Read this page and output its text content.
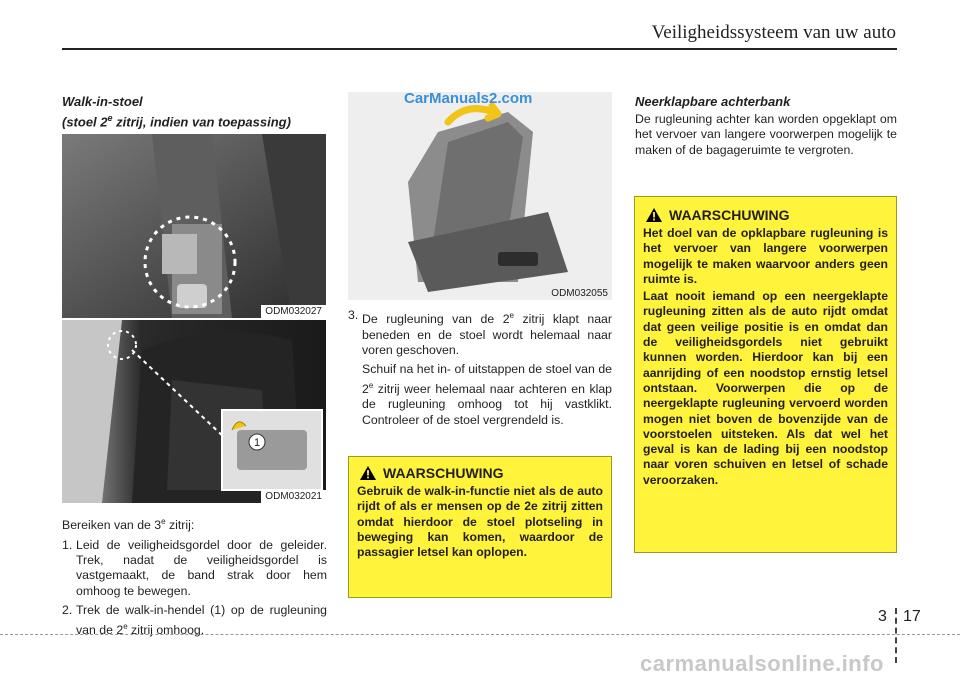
Veiligheidssysteem van uw auto
Walk-in-stoel
(stoel 2e zitrij, indien van toepassing)
ODM032027
1
ODM032021

Bereiken van de 3e zitrij:

1. Leid de veiligheidsgordel door de geleider. Trek, nadat de veiligheidsgordel is vastgemaakt, de band strak door hem omhoog te bewegen.
2. Trek de walk-in-hendel (1) op de rugleuning van de 2e zitrij omhoog.
CarManuals2.com
ODM032055
3. De rugleuning van de 2e zitrij klapt naar beneden en de stoel wordt helemaal naar voren geschoven.
Schuif na het in- of uitstappen de stoel van de 2e zitrij weer helemaal naar achteren en klap de rugleuning omhoog tot hij vastklikt. Controleer of de stoel vergrendeld is.
WAARSCHUWING
Gebruik de walk-in-functie niet als de auto rijdt of als er mensen op de 2e zitrij zitten omdat hierdoor de stoel plotseling in beweging kan komen, waardoor de passagier letsel kan oplopen.
Neerklapbare achterbank
De rugleuning achter kan worden opgeklapt om het vervoer van langere voorwerpen mogelijk te maken of de bagageruimte te vergroten.
WAARSCHUWING

Het doel van de opklapbare rugleuning is het vervoer van langere voorwerpen mogelijk te maken waarvoor anders geen ruimte is.

Laat nooit iemand op een neergeklapte rugleuning zitten als de auto rijdt omdat dat geen veilige positie is en omdat dan de veiligheidsgordels niet gebruikt kunnen worden. Hierdoor kan bij een aanrijding of een noodstop ernstig letsel ontstaan. Voorwerpen die op de neergeklapte rugleuning vervoerd worden mogen niet boven de bovenzijde van de voorstoelen uitsteken. Als dat wel het geval is kan de lading bij een noodstop naar voren schuiven en letsel of schade veroorzaken.

3 17
carmanualsonline.info
